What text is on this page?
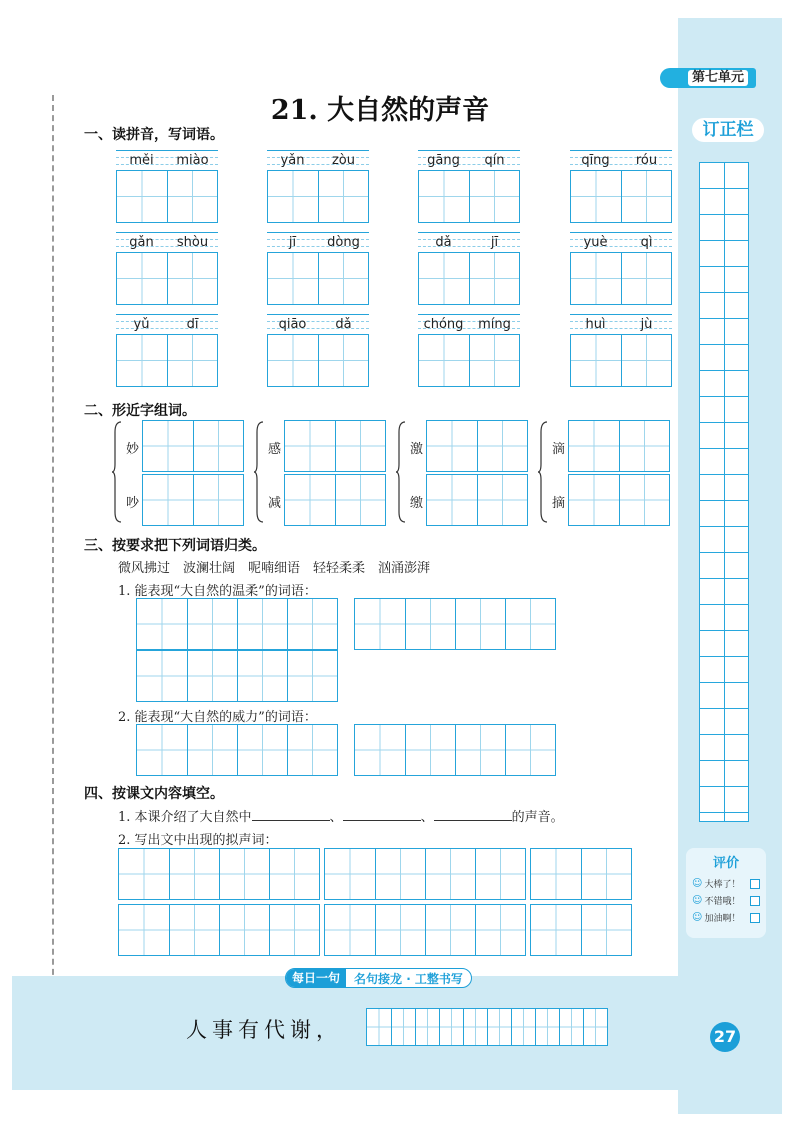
第七单元
订正栏
评价
☺ 大棒了！
☺ 不错哦！
☺ 加油啊！
21. 大自然的声音
一、读拼音，写词语。
měi	miào	yǎn	zòu	gāng	qín	qīng	róu
gǎn	shòu	jī	dòng	dǎ	jī	yuè	qì
yǔ	dī	qiāo	dǎ	chóng	míng	huì	jù
二、形近字组词。
妙
吵
感
减
激
缴
滴
摘
三、按要求把下列词语归类。
微风拂过　波澜壮阔　呢喃细语　轻轻柔柔　汹涌澎湃
1. 能表现“大自然的温柔”的词语：
2. 能表现“大自然的威力”的词语：
四、按课文内容填空。
1. 本课介绍了大自然中	、	、	的声音。
2. 写出文中出现的拟声词：
每日一句	名句接龙 · 工整书写
人事有代谢，	27
